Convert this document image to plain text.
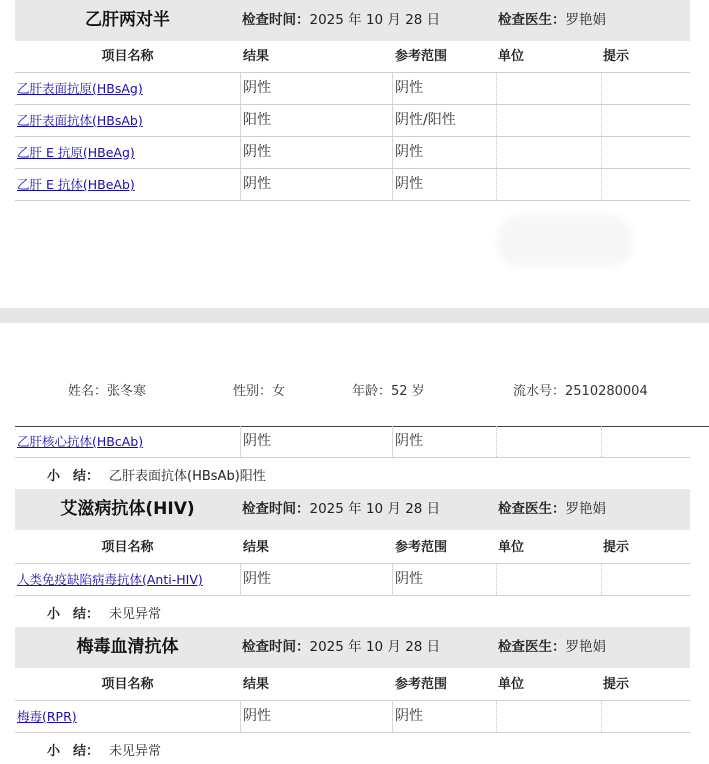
乙肝两对半	检查时间：2025 年 10 月 28 日	检查医生：罗艳娟
项目名称	结果	参考范围	单位	提示
乙肝表面抗原(HBsAg)	阴性	阴性
乙肝表面抗体(HBsAb)	阳性	阴性/阳性
乙肝 E 抗原(HBeAg)	阴性	阴性
乙肝 E 抗体(HBeAb)	阴性	阴性
姓名：张冬寒	性别：女	年龄：52 岁	流水号：2510280004
乙肝核心抗体(HBcAb)	阴性	阴性
小　结： 乙肝表面抗体(HBsAb)阳性
艾滋病抗体(HIV)	检查时间：2025 年 10 月 28 日	检查医生：罗艳娟
项目名称	结果	参考范围	单位	提示
人类免疫缺陷病毒抗体(Anti-HIV)	阴性	阴性
小　结： 未见异常
梅毒血清抗体	检查时间：2025 年 10 月 28 日	检查医生：罗艳娟
项目名称	结果	参考范围	单位	提示
梅毒(RPR)	阴性	阴性
小　结： 未见异常
